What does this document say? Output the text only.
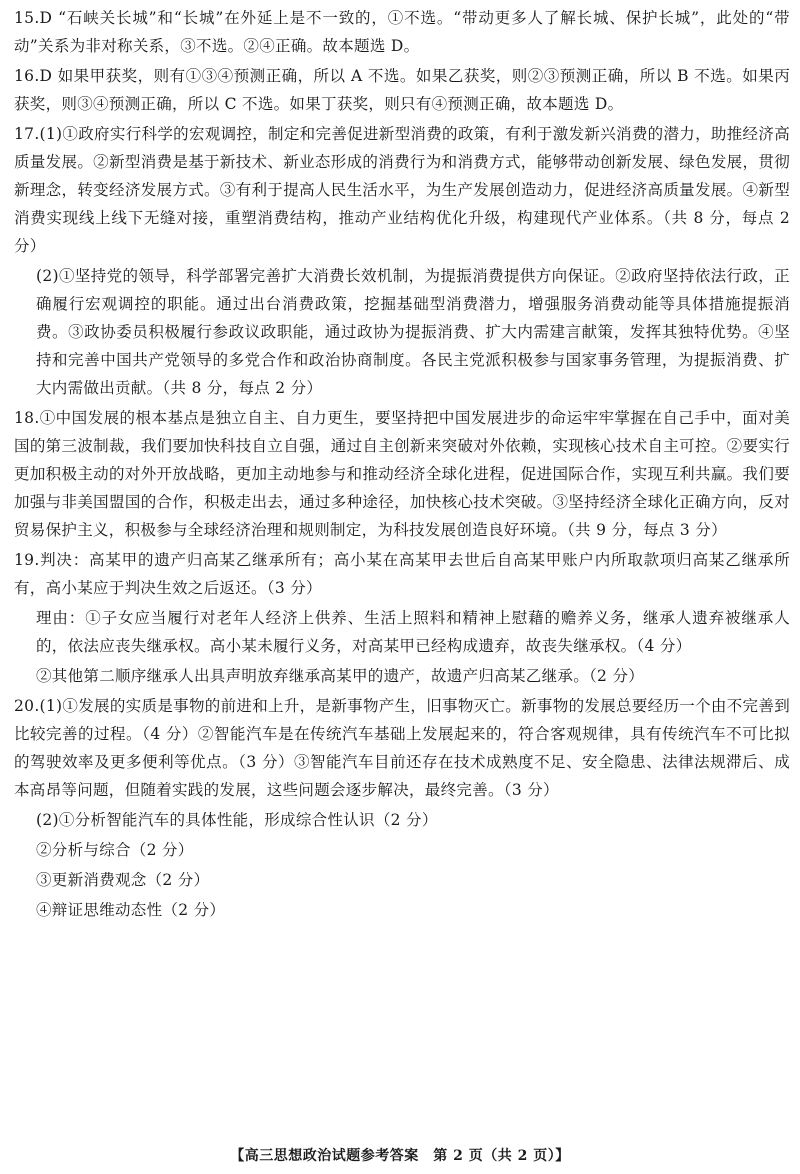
15.D “石峡关长城”和“长城”在外延上是不一致的，①不选。“带动更多人了解长城、保护长城”，此处的“带动”关系为非对称关系，③不选。②④正确。故本题选 D。

16.D 如果甲获奖，则有①③④预测正确，所以 A 不选。如果乙获奖，则②③预测正确，所以 B 不选。如果丙获奖，则③④预测正确，所以 C 不选。如果丁获奖，则只有④预测正确，故本题选 D。

17.(1)①政府实行科学的宏观调控，制定和完善促进新型消费的政策，有利于激发新兴消费的潜力，助推经济高质量发展。②新型消费是基于新技术、新业态形成的消费行为和消费方式，能够带动创新发展、绿色发展，贯彻新理念，转变经济发展方式。③有利于提高人民生活水平，为生产发展创造动力，促进经济高质量发展。④新型消费实现线上线下无缝对接，重塑消费结构，推动产业结构优化升级，构建现代产业体系。（共 8 分，每点 2 分）

(2)①坚持党的领导，科学部署完善扩大消费长效机制，为提振消费提供方向保证。②政府坚持依法行政，正确履行宏观调控的职能。通过出台消费政策，挖掘基础型消费潜力，增强服务消费动能等具体措施提振消费。③政协委员积极履行参政议政职能，通过政协为提振消费、扩大内需建言献策，发挥其独特优势。④坚持和完善中国共产党领导的多党合作和政治协商制度。各民主党派积极参与国家事务管理，为提振消费、扩大内需做出贡献。（共 8 分，每点 2 分）

18.①中国发展的根本基点是独立自主、自力更生，要坚持把中国发展进步的命运牢牢掌握在自己手中，面对美国的第三波制裁，我们要加快科技自立自强，通过自主创新来突破对外依赖，实现核心技术自主可控。②要实行更加积极主动的对外开放战略，更加主动地参与和推动经济全球化进程，促进国际合作，实现互利共赢。我们要加强与非美国盟国的合作，积极走出去，通过多种途径，加快核心技术突破。③坚持经济全球化正确方向，反对贸易保护主义，积极参与全球经济治理和规则制定，为科技发展创造良好环境。（共 9 分，每点 3 分）

19.判决：高某甲的遗产归高某乙继承所有；高小某在高某甲去世后自高某甲账户内所取款项归高某乙继承所有，高小某应于判决生效之后返还。（3 分）

理由：①子女应当履行对老年人经济上供养、生活上照料和精神上慰藉的赡养义务，继承人遗弃被继承人的，依法应丧失继承权。高小某未履行义务，对高某甲已经构成遗弃，故丧失继承权。（4 分）

②其他第二顺序继承人出具声明放弃继承高某甲的遗产，故遗产归高某乙继承。（2 分）

20.(1)①发展的实质是事物的前进和上升，是新事物产生，旧事物灭亡。新事物的发展总要经历一个由不完善到比较完善的过程。（4 分）②智能汽车是在传统汽车基础上发展起来的，符合客观规律，具有传统汽车不可比拟的驾驶效率及更多便利等优点。（3 分）③智能汽车目前还存在技术成熟度不足、安全隐患、法律法规滞后、成本高昂等问题，但随着实践的发展，这些问题会逐步解决，最终完善。（3 分）

(2)①分析智能汽车的具体性能，形成综合性认识（2 分）

②分析与综合（2 分）

③更新消费观念（2 分）

④辩证思维动态性（2 分）

【高三思想政治试题参考答案　第 2 页（共 2 页）】
